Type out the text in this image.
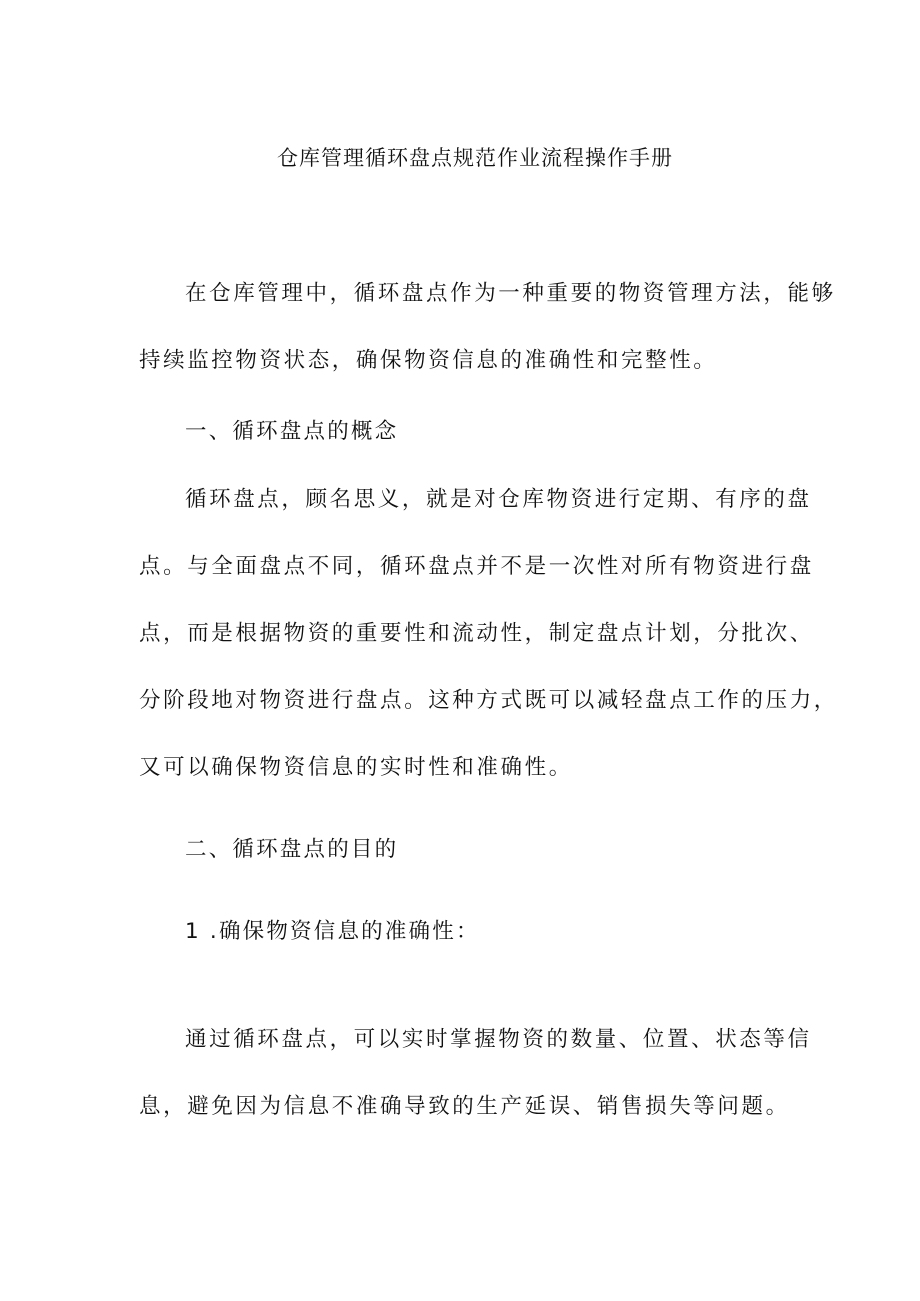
仓库管理循环盘点规范作业流程操作手册
在仓库管理中，循环盘点作为一种重要的物资管理方法，能够
持续监控物资状态，确保物资信息的准确性和完整性。
一、循环盘点的概念
循环盘点，顾名思义，就是对仓库物资进行定期、有序的盘
点。与全面盘点不同，循环盘点并不是一次性对所有物资进行盘
点，而是根据物资的重要性和流动性，制定盘点计划，分批次、
分阶段地对物资进行盘点。这种方式既可以减轻盘点工作的压力，
又可以确保物资信息的实时性和准确性。
二、循环盘点的目的
1 .确保物资信息的准确性：
通过循环盘点，可以实时掌握物资的数量、位置、状态等信
息，避免因为信息不准确导致的生产延误、销售损失等问题。
